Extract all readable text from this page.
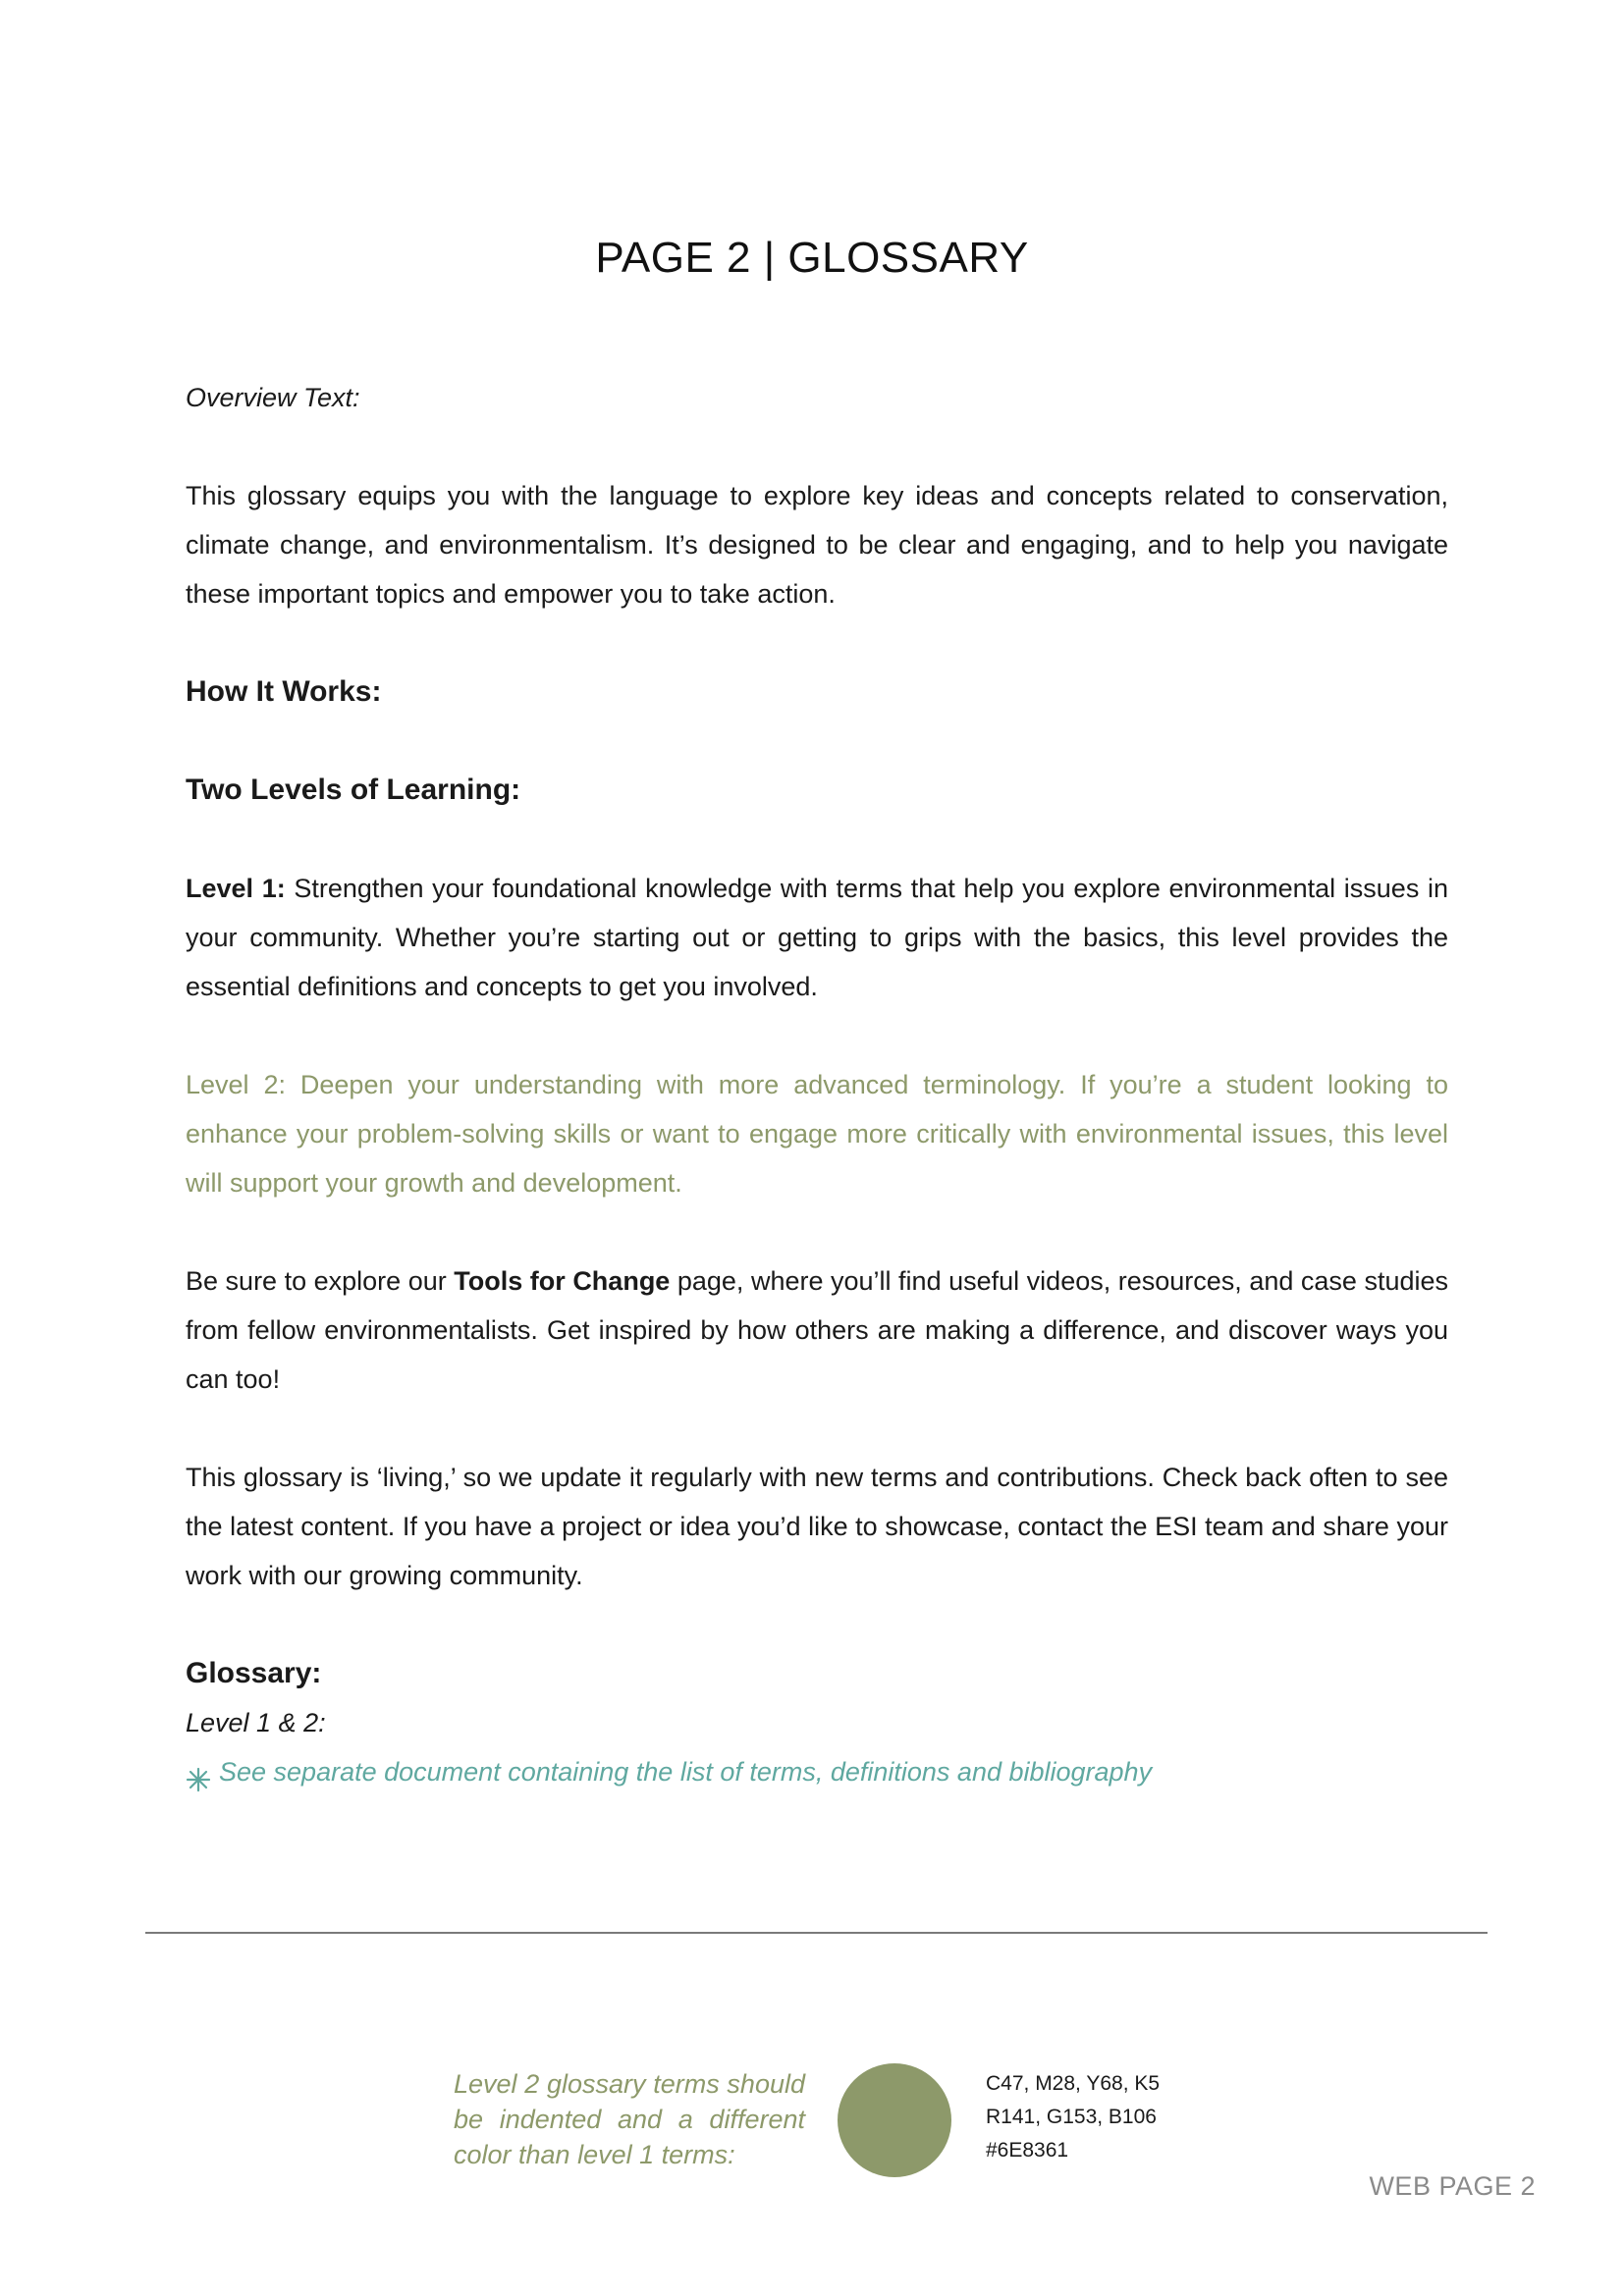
PAGE 2 | GLOSSARY
Overview Text:

This glossary equips you with the language to explore key ideas and concepts related to conservation, climate change, and environmentalism. It’s designed to be clear and engaging, and to help you navigate these important topics and empower you to take action.

How It Works:
Two Levels of Learning:

Level 1: Strengthen your foundational knowledge with terms that help you explore environmental issues in your community. Whether you’re starting out or getting to grips with the basics, this level provides the essential definitions and concepts to get you involved.

Level 2: Deepen your understanding with more advanced terminology. If you’re a student looking to enhance your problem-solving skills or want to engage more critically with environmental issues, this level will support your growth and development.

Be sure to explore our Tools for Change page, where you’ll find useful videos, resources, and case studies from fellow environmentalists. Get inspired by how others are making a difference, and discover ways you can too!

This glossary is ‘living,’ so we update it regularly with new terms and contributions. Check back often to see the latest content. If you have a project or idea you’d like to showcase, contact the ESI team and share your work with our growing community.

Glossary:
Level 1 & 2:
See separate document containing the list of terms, definitions and bibliography
Level 2 glossary terms should be indented and a different color than level 1 terms:
C47, M28, Y68, K5
R141, G153, B106
#6E8361
WEB PAGE 2
